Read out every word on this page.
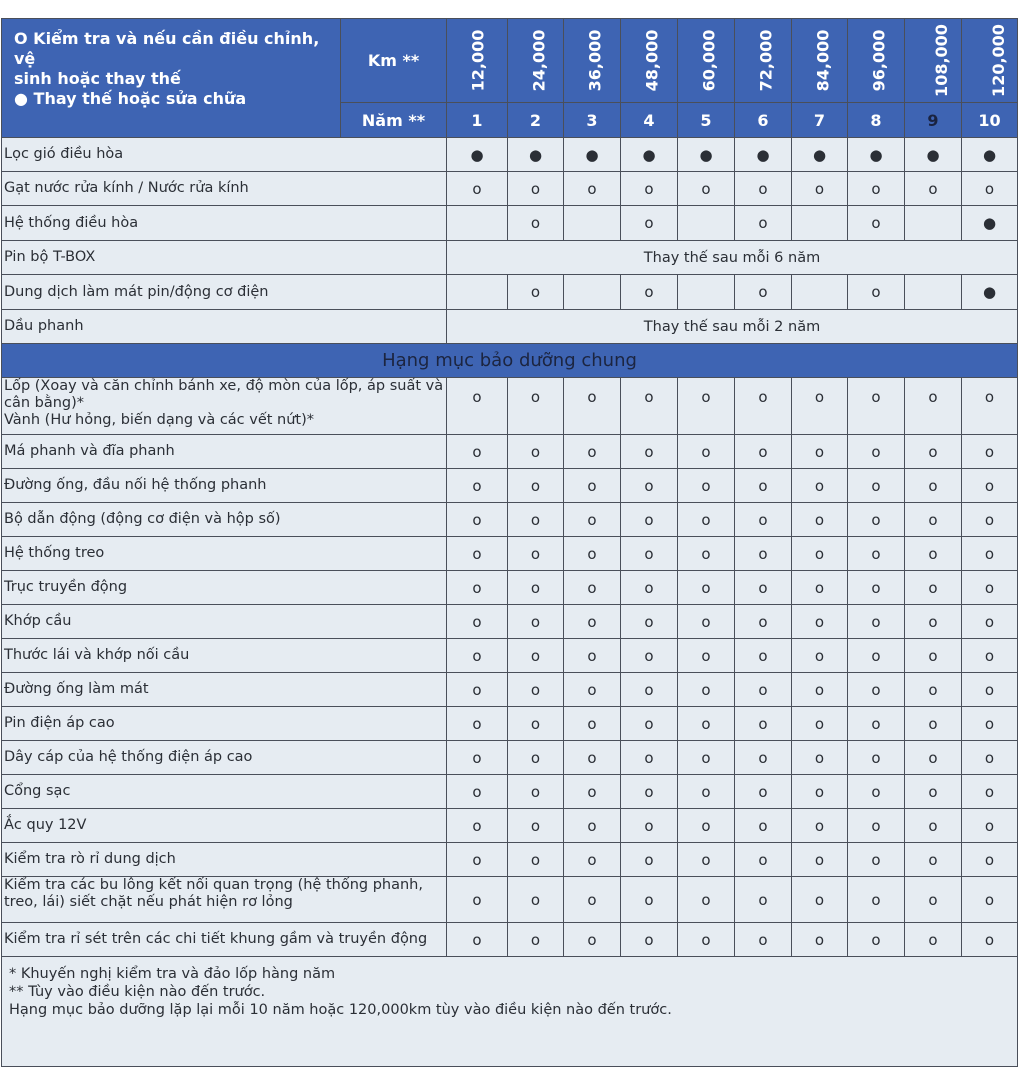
O Kiểm tra và nếu cần điều chỉnh, vệ
sinh hoặc thay thế
● Thay thế hoặc sửa chữa	Km **	12,000	24,000	36,000	48,000	60,000	72,000	84,000	96,000	108,000	120,000
	Năm **	1	2	3	4	5	6	7	8	9	10
Lọc gió điều hòa		●	●	●	●	●	●	●	●	●	●
Gạt nước rửa kính / Nước rửa kính		o	o	o	o	o	o	o	o	o	o
Hệ thống điều hòa			o		o		o		o		●
Pin bộ T-BOX		Thay thế sau mỗi 6 năm									
Dung dịch làm mát pin/động cơ điện			o		o		o		o		●
Dầu phanh		Thay thế sau mỗi 2 năm									
Hạng mục bảo dưỡng chung											

Lốp (Xoay và căn chỉnh bánh xe, độ mòn của lốp, áp suất và
cân bằng)*
Vành (Hư hỏng, biến dạng và các vết nứt)*		o	o	o	o	o	o	o	o	o	o

Má phanh và đĩa phanh		o	o	o	o	o	o	o	o	o	o

Đường ống, đầu nối hệ thống phanh		o	o	o	o	o	o	o	o	o	o

Bộ dẫn động (động cơ điện và hộp số)		o	o	o	o	o	o	o	o	o	o

Hệ thống treo		o	o	o	o	o	o	o	o	o	o

Trục truyền động		o	o	o	o	o	o	o	o	o	o

Khớp cầu		o	o	o	o	o	o	o	o	o	o

Thước lái và khớp nối cầu		o	o	o	o	o	o	o	o	o	o

Đường ống làm mát		o	o	o	o	o	o	o	o	o	o

Pin điện áp cao		o	o	o	o	o	o	o	o	o	o

Dây cáp của hệ thống điện áp cao		o	o	o	o	o	o	o	o	o	o

Cổng sạc		o	o	o	o	o	o	o	o	o	o

Ắc quy 12V		o	o	o	o	o	o	o	o	o	o

Kiểm tra rò rỉ dung dịch		o	o	o	o	o	o	o	o	o	o

Kiểm tra các bu lông kết nối quan trọng (hệ thống phanh,
treo, lái) siết chặt nếu phát hiện rơ lỏng		o	o	o	o	o	o	o	o	o	o

Kiểm tra rỉ sét trên các chi tiết khung gầm và truyền động		o	o	o	o	o	o	o	o	o	o

* Khuyến nghị kiểm tra và đảo lốp hàng năm
** Tùy vào điều kiện nào đến trước.
Hạng mục bảo dưỡng lặp lại mỗi 10 năm hoặc 120,000km tùy vào điều kiện nào đến trước.											
